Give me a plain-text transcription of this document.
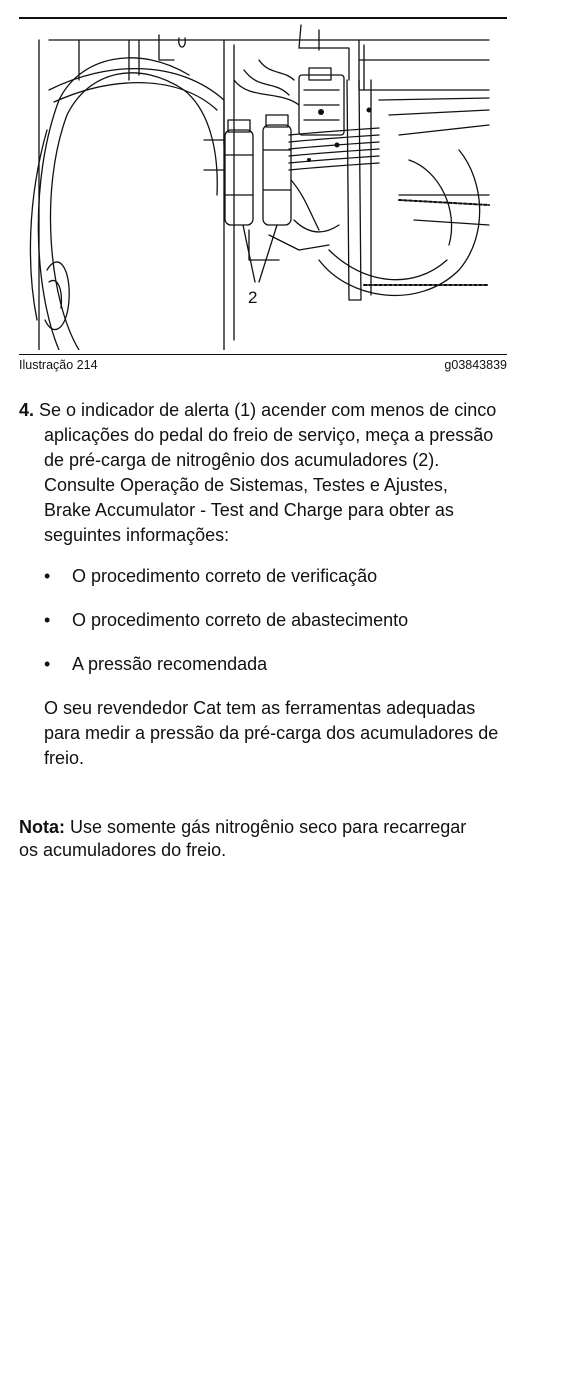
2
Ilustração 214	g03843839

4. Se o indicador de alerta (1) acender com menos de cinco aplicações do pedal do freio de serviço, meça a pressão de pré-carga de nitrogênio dos acumuladores (2). Consulte Operação de Sistemas, Testes e Ajustes, Brake Accumulator - Test and Charge para obter as seguintes informações:

• O procedimento correto de verificação
• O procedimento correto de abastecimento
• A pressão recomendada

O seu revendedor Cat tem as ferramentas adequadas para medir a pressão da pré-carga dos acumuladores de freio.

Nota: Use somente gás nitrogênio seco para recarregar os acumuladores do freio.
